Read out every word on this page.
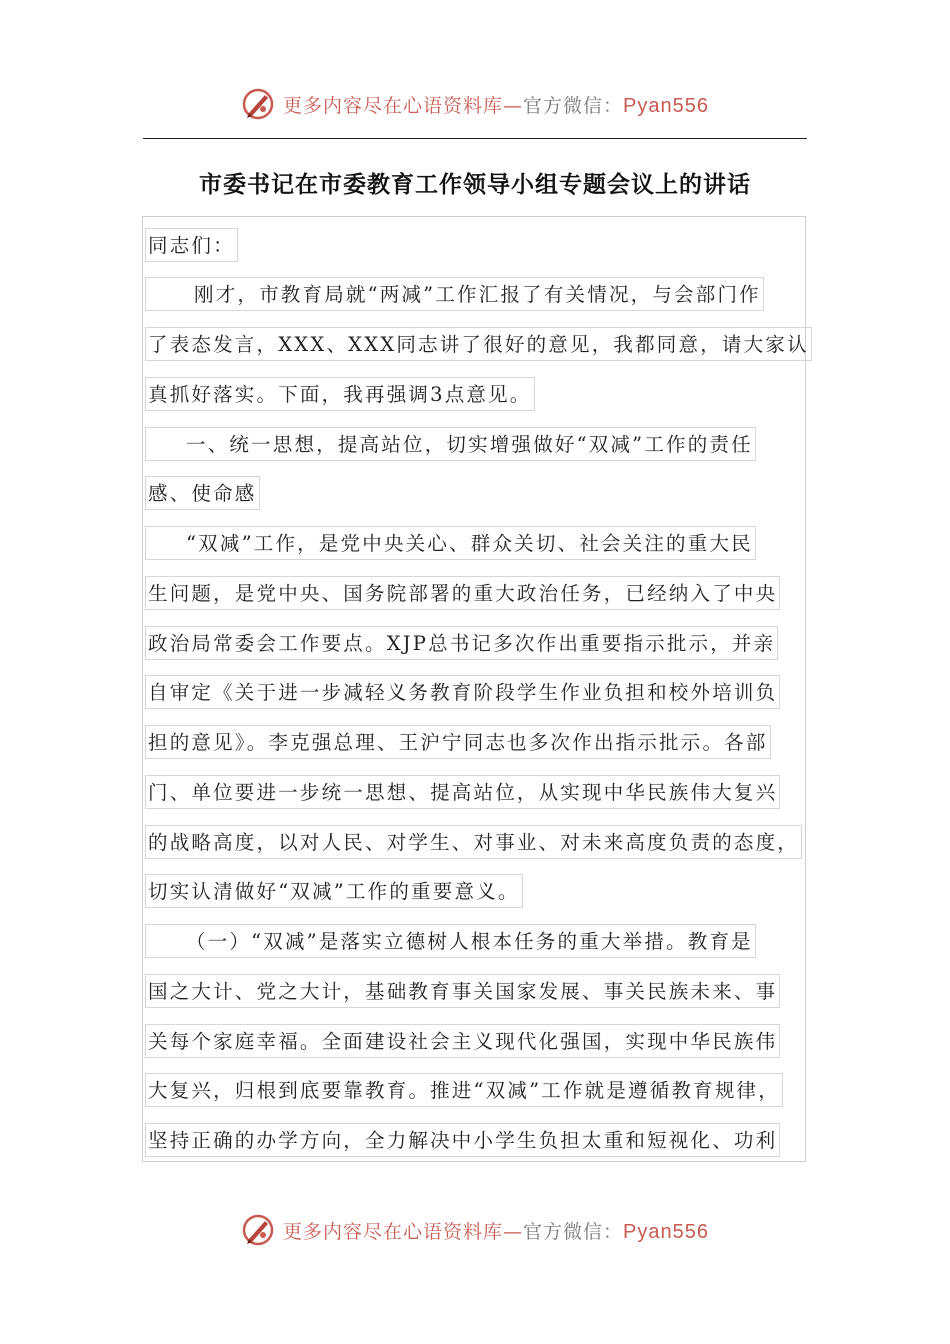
更多内容尽在心语资料库—官方微信：Pyan556
市委书记在市委教育工作领导小组专题会议上的讲话
同志们：
刚才，市教育局就“两减”工作汇报了有关情况，与会部门作
了表态发言，XXX、XXX同志讲了很好的意见，我都同意，请大家认
真抓好落实。下面，我再强调3点意见。
一、统一思想，提高站位，切实增强做好“双减”工作的责任
感、使命感
“双减”工作，是党中央关心、群众关切、社会关注的重大民
生问题，是党中央、国务院部署的重大政治任务，已经纳入了中央
政治局常委会工作要点。XJP总书记多次作出重要指示批示，并亲
自审定《关于进一步减轻义务教育阶段学生作业负担和校外培训负
担的意见》。李克强总理、王沪宁同志也多次作出指示批示。各部
门、单位要进一步统一思想、提高站位，从实现中华民族伟大复兴
的战略高度，以对人民、对学生、对事业、对未来高度负责的态度，
切实认清做好“双减”工作的重要意义。
（一）“双减”是落实立德树人根本任务的重大举措。教育是
国之大计、党之大计，基础教育事关国家发展、事关民族未来、事
关每个家庭幸福。全面建设社会主义现代化强国，实现中华民族伟
大复兴，归根到底要靠教育。推进“双减”工作就是遵循教育规律，
坚持正确的办学方向，全力解决中小学生负担太重和短视化、功利
更多内容尽在心语资料库—官方微信：Pyan556
